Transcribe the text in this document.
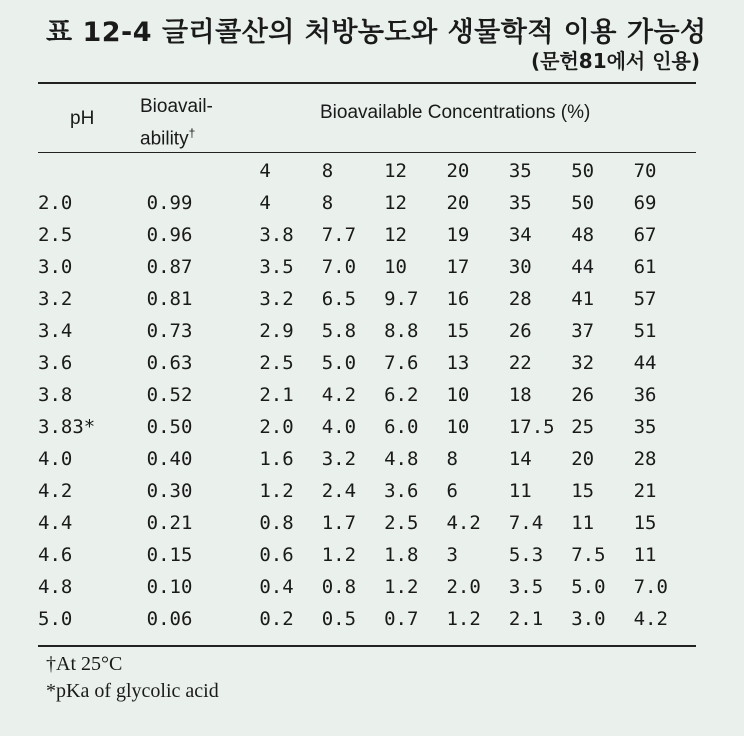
표 12-4 글리콜산의 처방농도와 생물학적 이용 가능성
(문헌81에서 인용)
pH
Bioavail-
ability†
Bioavailable Concentrations (%)
		4	8	12	20	35	50	70
2.0	0.99	4	8	12	20	35	50	69
2.5	0.96	3.8	7.7	12	19	34	48	67
3.0	0.87	3.5	7.0	10	17	30	44	61
3.2	0.81	3.2	6.5	9.7	16	28	41	57
3.4	0.73	2.9	5.8	8.8	15	26	37	51
3.6	0.63	2.5	5.0	7.6	13	22	32	44
3.8	0.52	2.1	4.2	6.2	10	18	26	36
3.83*	0.50	2.0	4.0	6.0	10	17.5	25	35
4.0	0.40	1.6	3.2	4.8	8	14	20	28
4.2	0.30	1.2	2.4	3.6	6	11	15	21
4.4	0.21	0.8	1.7	2.5	4.2	7.4	11	15
4.6	0.15	0.6	1.2	1.8	3	5.3	7.5	11
4.8	0.10	0.4	0.8	1.2	2.0	3.5	5.0	7.0
5.0	0.06	0.2	0.5	0.7	1.2	2.1	3.0	4.2
†At 25°C
*pKa of glycolic acid
